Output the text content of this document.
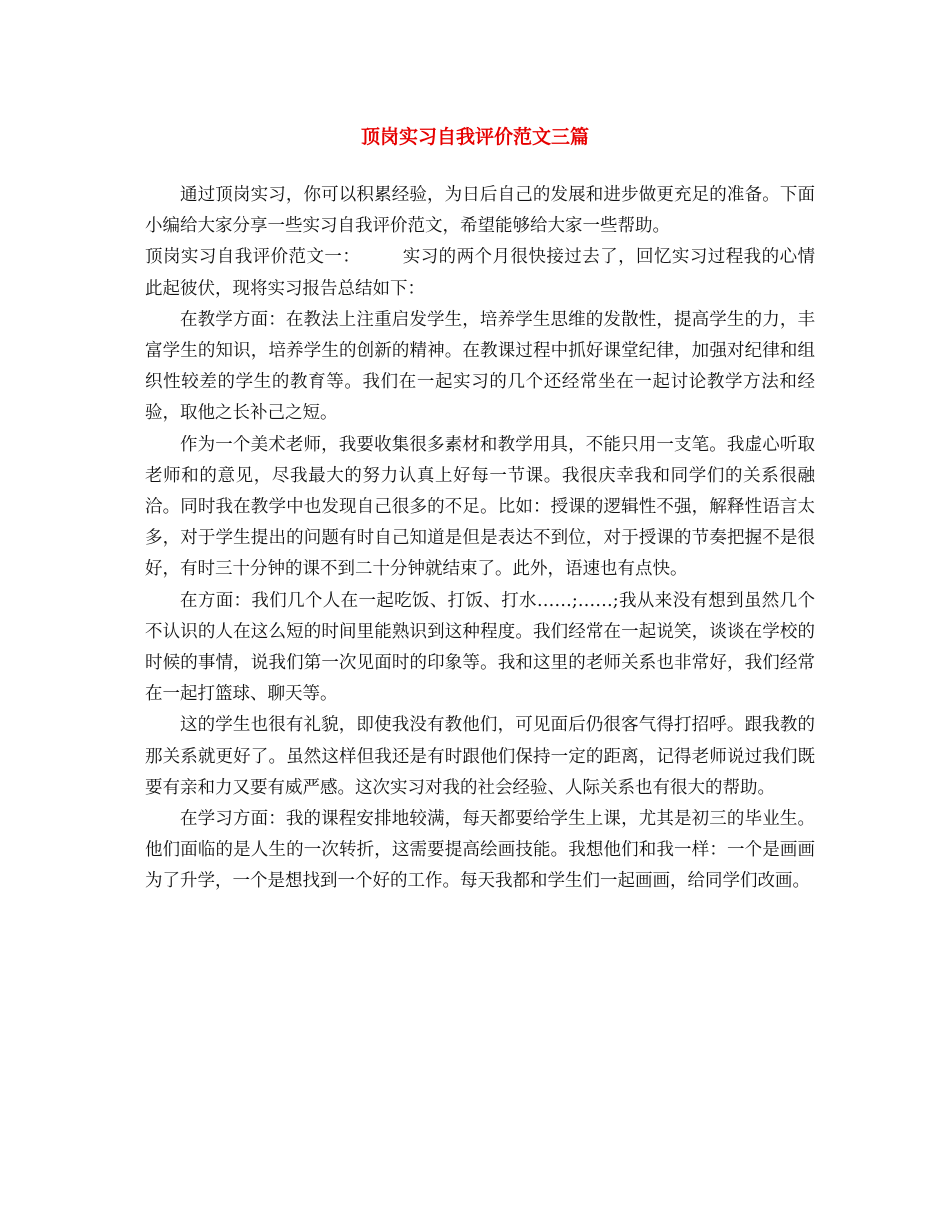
顶岗实习自我评价范文三篇

通过顶岗实习，你可以积累经验，为日后自己的发展和进步做更充足的准备。下面小编给大家分享一些实习自我评价范文，希望能够给大家一些帮助。

顶岗实习自我评价范文一： 实习的两个月很快接过去了，回忆实习过程我的心情此起彼伏，现将实习报告总结如下：

在教学方面：在教法上注重启发学生，培养学生思维的发散性，提高学生的力，丰富学生的知识，培养学生的创新的精神。在教课过程中抓好课堂纪律，加强对纪律和组织性较差的学生的教育等。我们在一起实习的几个还经常坐在一起讨论教学方法和经验，取他之长补己之短。

作为一个美术老师，我要收集很多素材和教学用具，不能只用一支笔。我虚心听取老师和的意见，尽我最大的努力认真上好每一节课。我很庆幸我和同学们的关系很融洽。同时我在教学中也发现自己很多的不足。比如：授课的逻辑性不强，解释性语言太多，对于学生提出的问题有时自己知道是但是表达不到位，对于授课的节奏把握不是很好，有时三十分钟的课不到二十分钟就结束了。此外，语速也有点快。

在方面：我们几个人在一起吃饭、打饭、打水……;……;我从来没有想到虽然几个不认识的人在这么短的时间里能熟识到这种程度。我们经常在一起说笑，谈谈在学校的时候的事情，说我们第一次见面时的印象等。我和这里的老师关系也非常好，我们经常在一起打篮球、聊天等。

这的学生也很有礼貌，即使我没有教他们，可见面后仍很客气得打招呼。跟我教的那关系就更好了。虽然这样但我还是有时跟他们保持一定的距离，记得老师说过我们既要有亲和力又要有威严感。这次实习对我的社会经验、人际关系也有很大的帮助。

在学习方面：我的课程安排地较满，每天都要给学生上课，尤其是初三的毕业生。他们面临的是人生的一次转折，这需要提高绘画技能。我想他们和我一样：一个是画画为了升学，一个是想找到一个好的工作。每天我都和学生们一起画画，给同学们改画。
